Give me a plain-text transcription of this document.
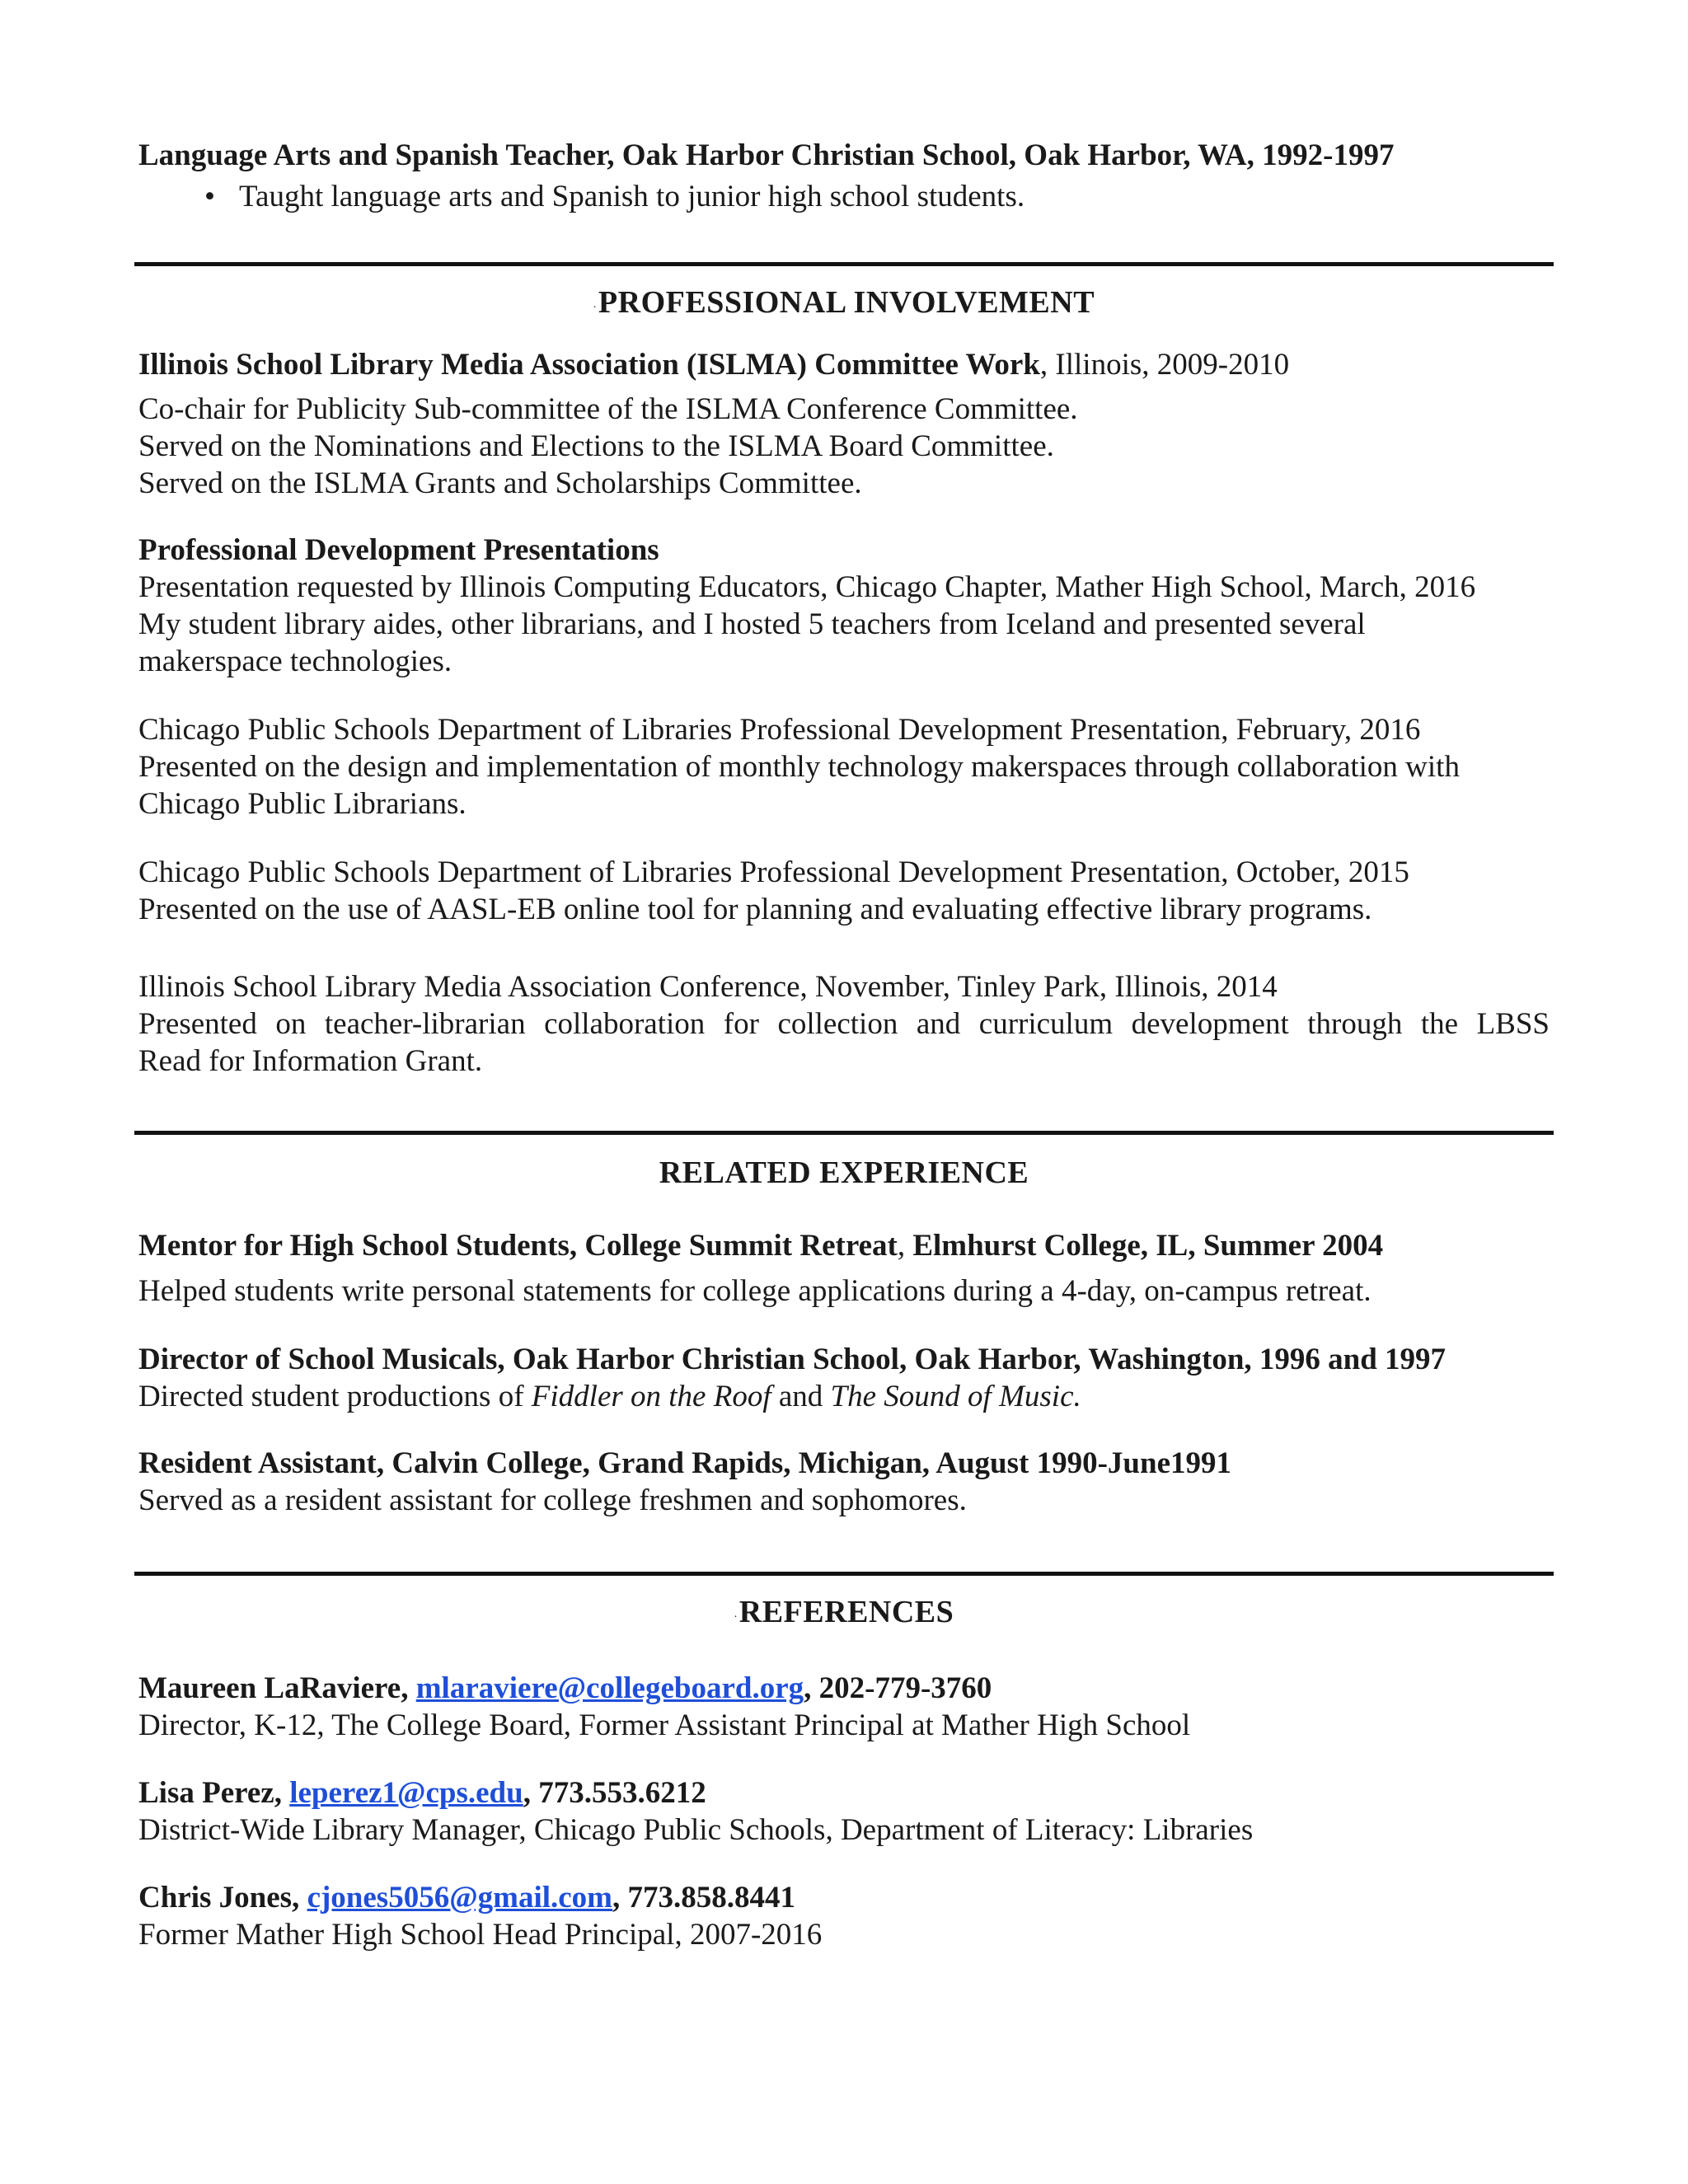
Language Arts and Spanish Teacher, Oak Harbor Christian School, Oak Harbor, WA, 1992-1997
• Taught language arts and Spanish to junior high school students.
.PROFESSIONAL INVOLVEMENT
Illinois School Library Media Association (ISLMA) Committee Work, Illinois, 2009-2010
Co-chair for Publicity Sub-committee of the ISLMA Conference Committee.
Served on the Nominations and Elections to the ISLMA Board Committee.
Served on the ISLMA Grants and Scholarships Committee.
Professional Development Presentations
Presentation requested by Illinois Computing Educators, Chicago Chapter, Mather High School, March, 2016
My student library aides, other librarians, and I hosted 5 teachers from Iceland and presented several
makerspace technologies.
Chicago Public Schools Department of Libraries Professional Development Presentation, February, 2016
Presented on the design and implementation of monthly technology makerspaces through collaboration with
Chicago Public Librarians.
Chicago Public Schools Department of Libraries Professional Development Presentation, October, 2015
Presented on the use of AASL-EB online tool for planning and evaluating effective library programs.
Illinois School Library Media Association Conference, November, Tinley Park, Illinois, 2014
Presented on teacher-librarian collaboration for collection and curriculum development through the LBSS
Read for Information Grant.
RELATED EXPERIENCE
Mentor for High School Students, College Summit Retreat, Elmhurst College, IL, Summer 2004
Helped students write personal statements for college applications during a 4-day, on-campus retreat.
Director of School Musicals, Oak Harbor Christian School, Oak Harbor, Washington, 1996 and 1997
Directed student productions of Fiddler on the Roof and The Sound of Music.
Resident Assistant, Calvin College, Grand Rapids, Michigan, August 1990-June1991
Served as a resident assistant for college freshmen and sophomores.
.REFERENCES
Maureen LaRaviere, mlaraviere@collegeboard.org, 202-779-3760
Director, K-12, The College Board, Former Assistant Principal at Mather High School
Lisa Perez, leperez1@cps.edu, 773.553.6212
District-Wide Library Manager, Chicago Public Schools, Department of Literacy: Libraries
Chris Jones, cjones5056@gmail.com, 773.858.8441
Former Mather High School Head Principal, 2007-2016
